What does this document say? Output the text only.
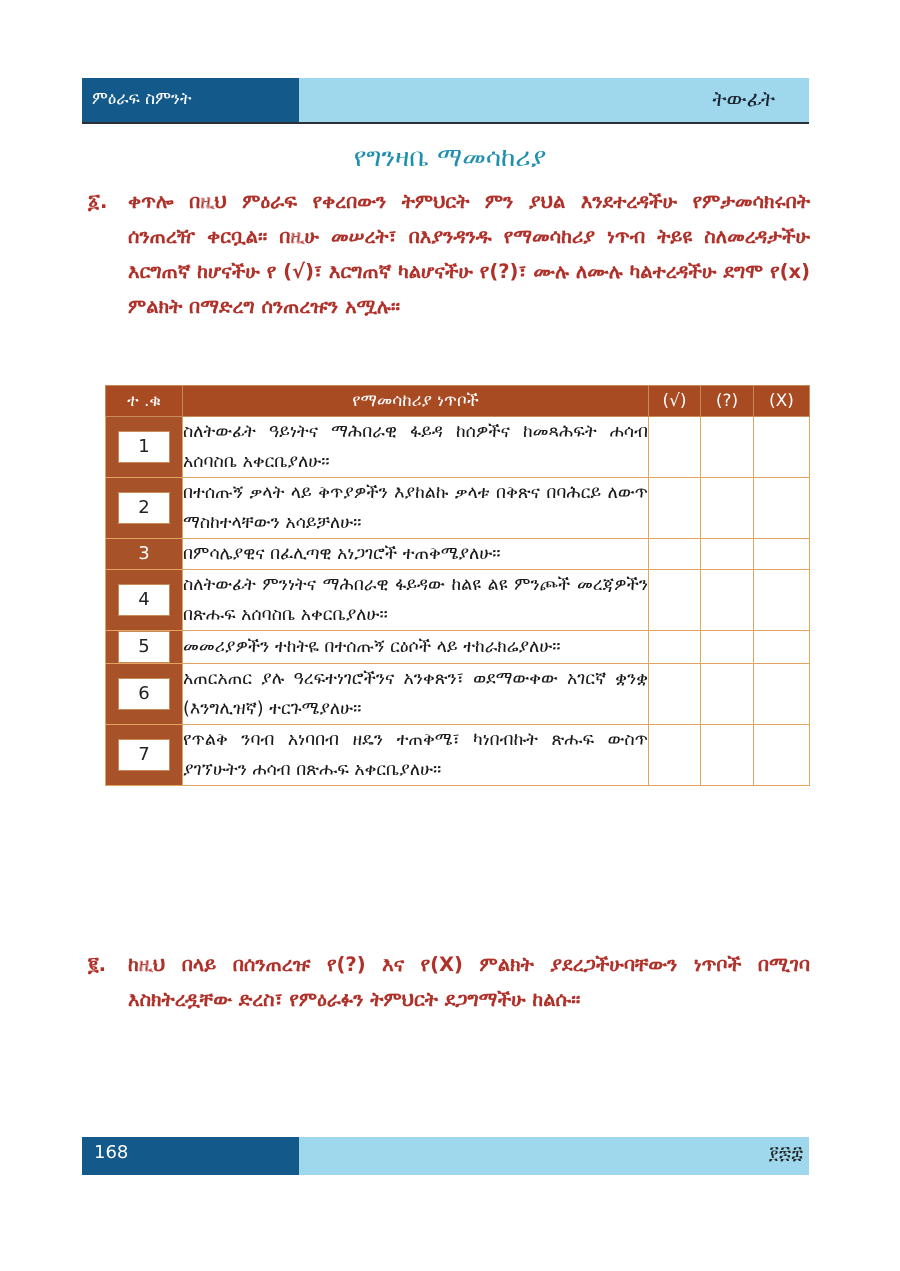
ምዕራፍ ስምንት	ትውፊት
የግንዛቤ ማመሳከሪያ
፩. ቀጥሎ በዚህ ምዕራፍ የቀረበውን ትምህርት ምን ያህል እንደተረዳችሁ የምታመሳክሩበት ሰንጠረዥ ቀርቧል፡፡ በዚሁ መሠረት፣ በእያንዳንዱ የማመሳከሪያ ነጥብ ትይዩ ስለመረዳታችሁ እርግጠኛ ከሆናችሁ የ (√)፣ እርግጠኛ ካልሆናችሁ የ(?)፣ ሙሉ ለሙሉ ካልተረዳችሁ ደግሞ የ(x) ምልክት በማድረግ ሰንጠረዡን አሟሉ፡፡
ተ .ቁ	የማመሳከሪያ ነጥቦች	(√)	(?)	(X)
1	ስለትውፊት ዓይነትና ማሕበራዊ ፋይዳ ከሰዎችና ከመጻሕፍት ሐሳብ አሰባስቤ አቀርቤያለሁ፡፡			
2	በተሰጡኝ ቃላት ላይ ቅጥያዎችን እያከልኩ ቃላቱ በቅጽና በባሕርይ ለውጥ ማስከተላቸውን አሳይቻለሁ፡፡			
3	በምሳሌያዊና በፈሊጣዊ አነጋገሮች ተጠቅሜያለሁ፡፡			
4	ስለትውፊት ምንነትና ማሕበራዊ ፋይዳው ከልዩ ልዩ ምንጮች መረጃዎችን በጽሑፍ አሰባስቤ አቀርቤያለሁ፡፡			
5	መመሪያዎችን ተከትዬ በተሰጡኝ ርዕሶች ላይ ተከራክሬያለሁ፡፡			
6	አጠርአጠር ያሉ ዓረፍተነገሮችንና አንቀጽን፣ ወደማውቀው አገርኛ ቋንቋ (እንግሊዝኛ) ተርጉሜያለሁ፡፡			
7	የጥልቅ ንባብ አነባበብ ዘዴን ተጠቅሜ፣ ካነበብኩት ጽሑፍ ውስጥ ያገኘሁትን ሐሳብ በጽሑፍ አቀርቤያለሁ፡፡			
፪. ከዚህ በላይ በሰንጠረዡ የ(?) እና የ(X) ምልክት ያደረጋችሁባቸውን ነጥቦች በሚገባ እስክትረዷቸው ድረስ፣ የምዕራፉን ትምህርት ደጋግማችሁ ከልሱ፡፡
168	፻፷፰
